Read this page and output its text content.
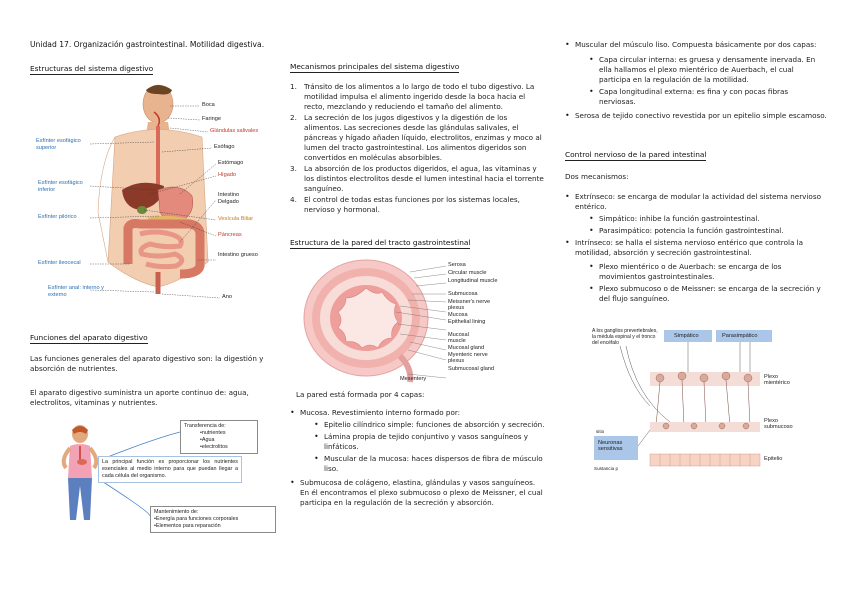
Unidad 17. Organización gastrointestinal. Motilidad digestiva.
Estructuras del sistema digestivo
Boca
Faringe
Glándulas salivales
Esfínter esofágico superior	Esófago
Estómago
Hígado
Esfínter esofágico inferior
Intestino Delgado
Esfínter pilórico	Vesícula Biliar
Páncreas
Esfínter ileocecal
Intestino grueso
Esfínter anal: interno y externo	Ano
Funciones del aparato digestivo

Las funciones generales del aparato digestivo son: la digestión y absorción de nutrientes.

El aparato digestivo suministra un aporte continuo de: agua, electrolitos, vitaminas y nutrientes.

Transferencia de:
•nutrientes
•Agua
•electrolitos
La principal función es proporcionar los nutrientes esenciales al medio interno para que puedan llegar a cada célula del organismo.
Mantenimiento de:
•Energía para funciones corporales
•Elementos para reparación
Mecanismos principales del sistema digestivo
1. Tránsito de los alimentos a lo largo de todo el tubo digestivo. La motilidad impulsa el alimento ingerido desde la boca hacia el recto, mezclando y reduciendo el tamaño del alimento.
2. La secreción de los jugos digestivos y la digestión de los alimentos. Las secreciones desde las glándulas salivales, el páncreas y hígado añaden líquido, electrolitos, enzimas y moco al lumen del tracto gastrointestinal. Los alimentos digeridos son convertidos en moléculas absorbibles.
3. La absorción de los productos digeridos, el agua, las vitaminas y los distintos electrolitos desde el lumen intestinal hacia el torrente sanguíneo.
4. El control de todas estas funciones por los sistemas locales, nervioso y hormonal.
Estructura de la pared del tracto gastrointestinal
Serosa
Circular muscle
Longitudinal muscle
Submucosa
Meissner's nerve plexus
Mucosa
Epithelial lining
Mucosal muscle
Mucosal gland
Myenteric nerve plexus
Submucosal gland
Mesentery

La pared está formada por 4 capas:

• Mucosa. Revestimiento interno formado por:
• Epitelio cilíndrico simple: funciones de absorción y secreción.
• Lámina propia de tejido conjuntivo y vasos sanguíneos y linfáticos.
• Muscular de la mucosa: haces dispersos de fibra de músculo liso.
• Submucosa de colágeno, elastina, glándulas y vasos sanguíneos. En él encontramos el plexo submucoso o plexo de Meissner, el cual participa en la regulación de la secreción y absorción.
• Muscular del músculo liso. Compuesta básicamente por dos capas:
• Capa circular interna: es gruesa y densamente inervada. En ella hallamos el plexo mientérico de Auerbach, el cual participa en la regulación de la motilidad.
• Capa longitudinal externa: es fina y con pocas fibras nerviosas.
• Serosa de tejido conectivo revestida por un epitelio simple escamoso.
Control nervioso de la pared intestinal

Dos mecanismos:

• Extrínseco: se encarga de modular la actividad del sistema nervioso entérico.
• Simpático: inhibe la función gastrointestinal.
• Parasimpático: potencia la función gastrointestinal.
• Intrínseco: se halla el sistema nervioso entérico que controla la motilidad, absorción y secreción gastrointestinal.
• Plexo mientérico o de Auerbach: se encarga de los movimientos gastrointestinales.
• Plexo submucoso o de Meissner: se encarga de la secreción y del flujo sanguíneo.
A los ganglios prevertebrales, la médula espinal y el tronco del encéfalo
Simpático	Parasimpático
Plexo mientérico
Plexo submucoso
sitio
Neuronas sensitivas
Sustancia p
Epitelio
